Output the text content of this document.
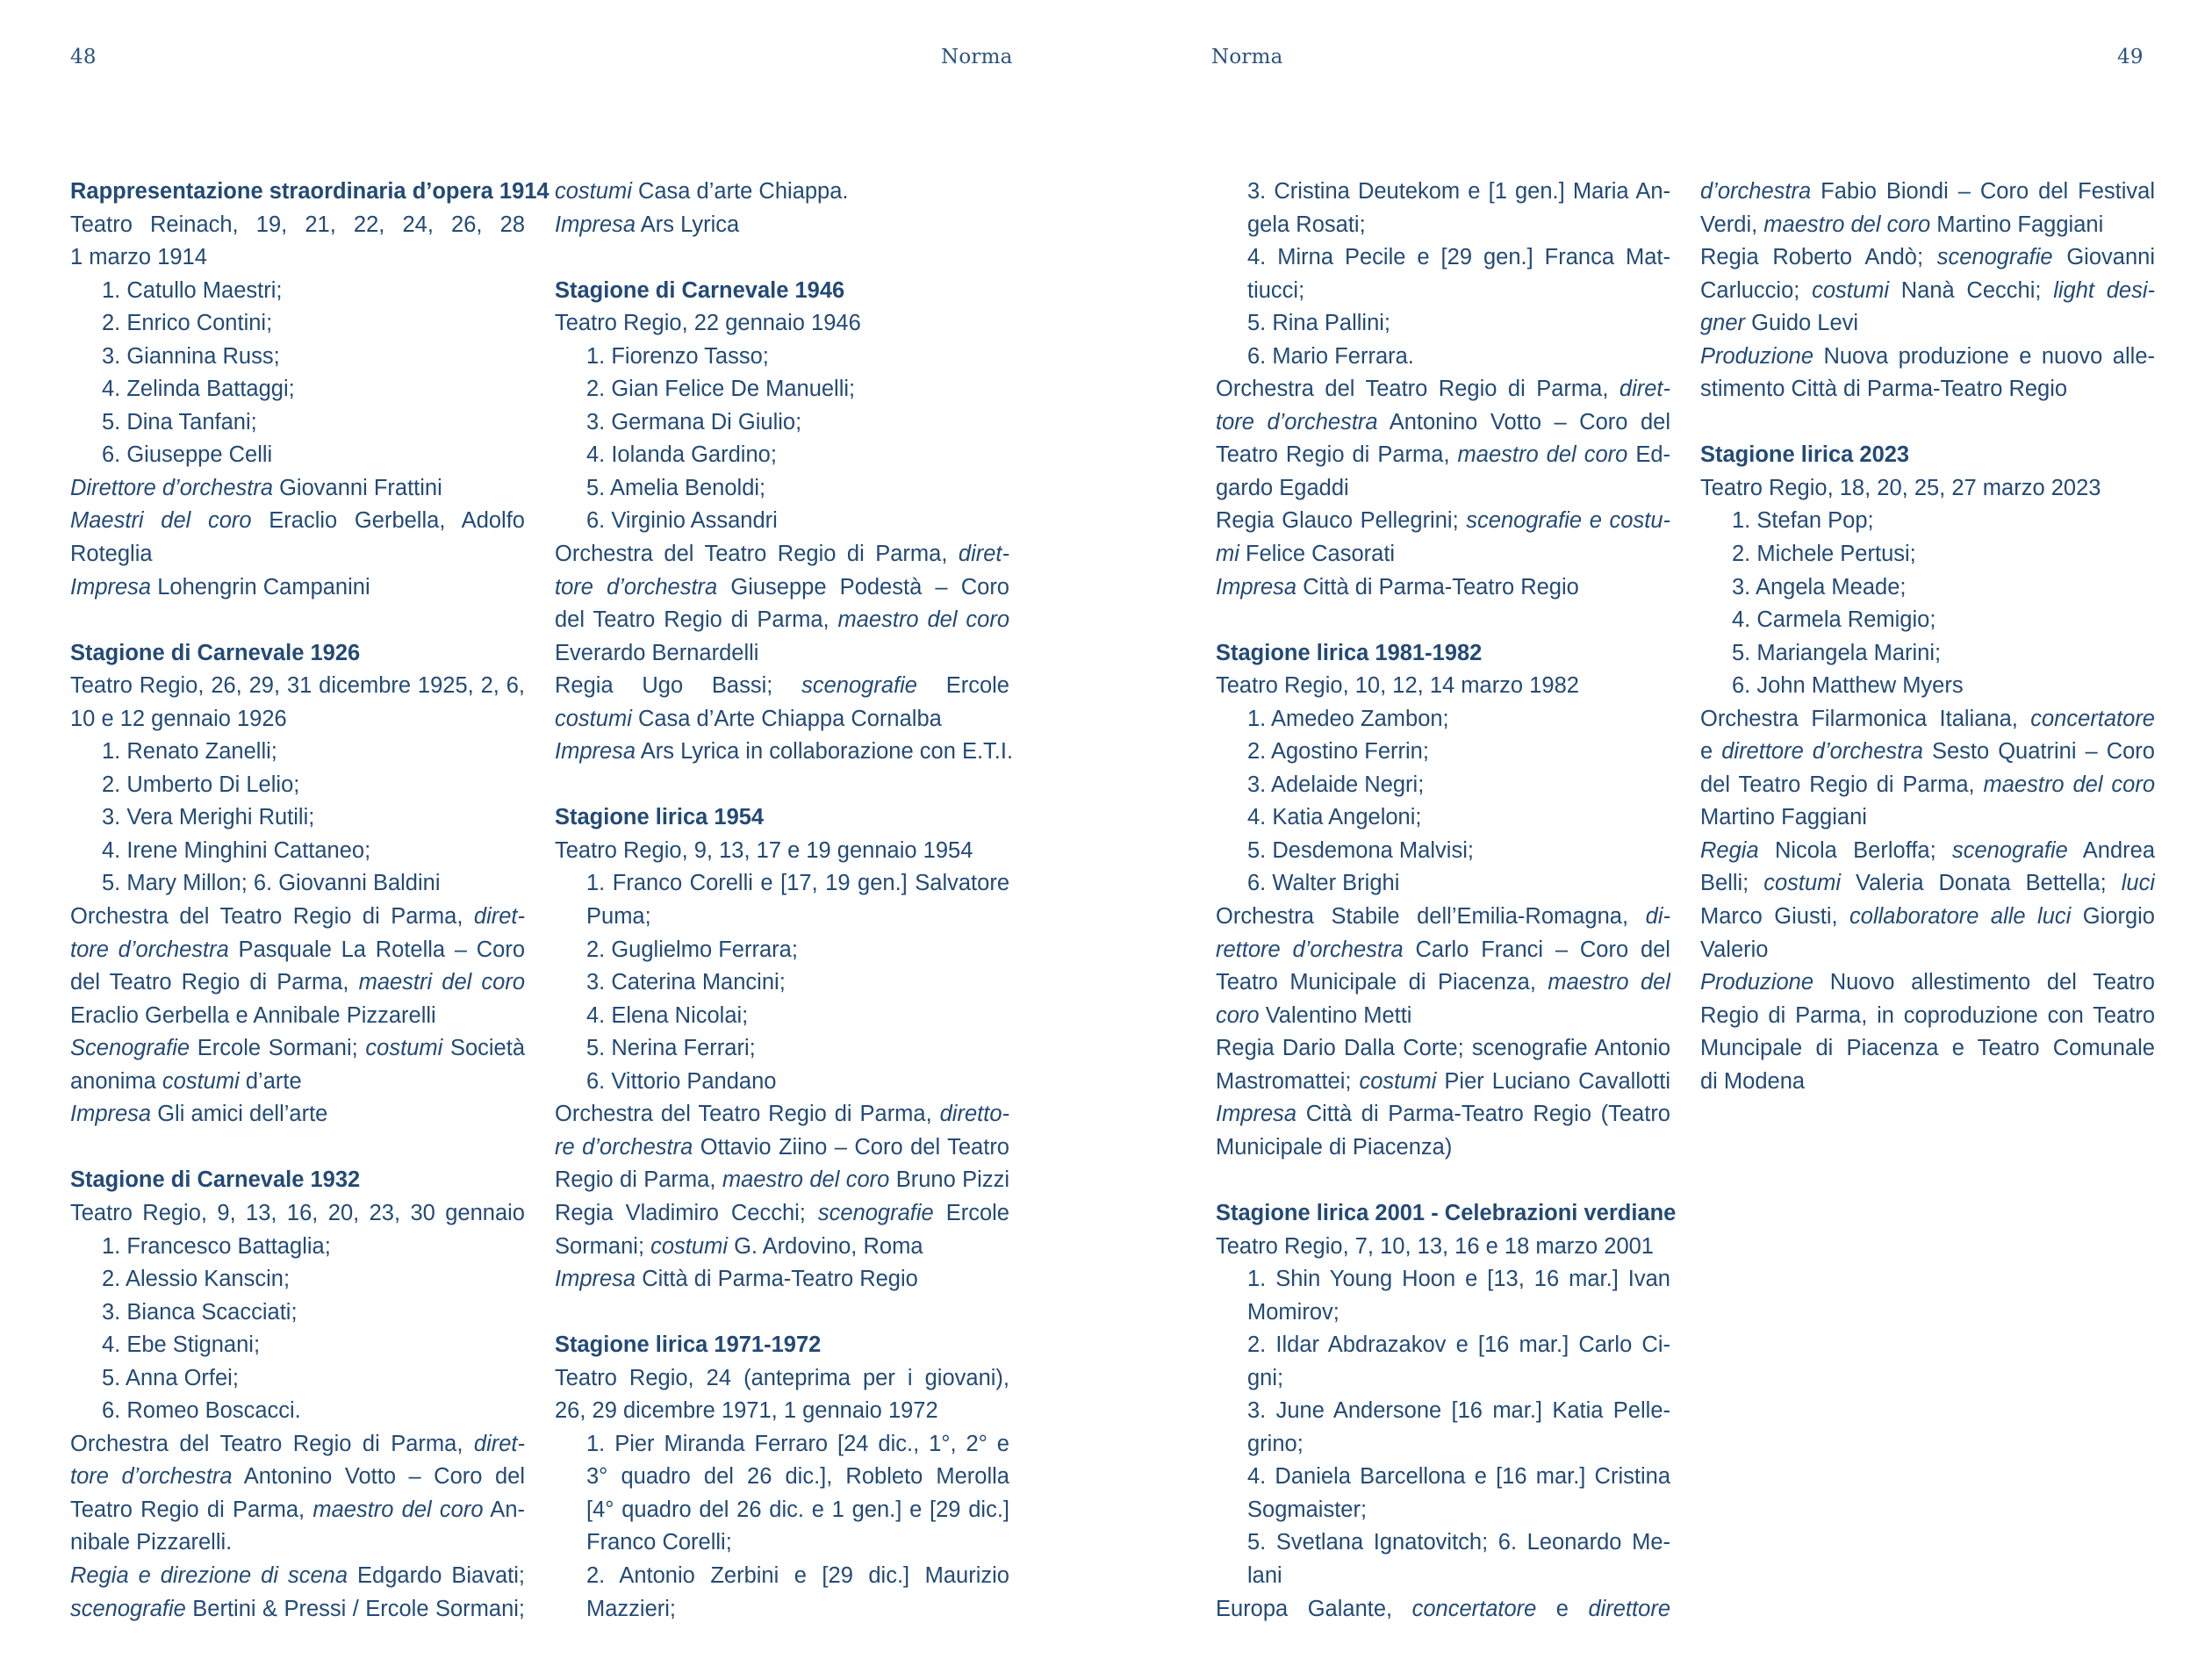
48	Norma	Norma	49
Rappresentazione straordinaria d’opera 1914
Teatro Reinach, 19, 21, 22, 24, 26, 28
1 marzo 1914
1. Catullo Maestri;
2. Enrico Contini;
3. Giannina Russ;
4. Zelinda Battaggi;
5. Dina Tanfani;
6. Giuseppe Celli
Direttore d’orchestra Giovanni Frattini
Maestri del coro Eraclio Gerbella, Adolfo
Roteglia
Impresa Lohengrin Campanini
Stagione di Carnevale 1926
Teatro Regio, 26, 29, 31 dicembre 1925, 2, 6,
10 e 12 gennaio 1926
1. Renato Zanelli;
2. Umberto Di Lelio;
3. Vera Merighi Rutili;
4. Irene Minghini Cattaneo;
5. Mary Millon; 6. Giovanni Baldini
Orchestra del Teatro Regio di Parma, diret-
tore d’orchestra Pasquale La Rotella – Coro
del Teatro Regio di Parma, maestri del coro
Eraclio Gerbella e Annibale Pizzarelli
Scenografie Ercole Sormani; costumi Società
anonima costumi d’arte
Impresa Gli amici dell’arte
Stagione di Carnevale 1932
Teatro Regio, 9, 13, 16, 20, 23, 30 gennaio
1. Francesco Battaglia;
2. Alessio Kanscin;
3. Bianca Scacciati;
4. Ebe Stignani;
5. Anna Orfei;
6. Romeo Boscacci.
Orchestra del Teatro Regio di Parma, diret-
tore d’orchestra Antonino Votto – Coro del
Teatro Regio di Parma, maestro del coro An-
nibale Pizzarelli.
Regia e direzione di scena Edgardo Biavati;
scenografie Bertini & Pressi / Ercole Sormani;
costumi Casa d’arte Chiappa.
Impresa Ars Lyrica
Stagione di Carnevale 1946
Teatro Regio, 22 gennaio 1946
1. Fiorenzo Tasso;
2. Gian Felice De Manuelli;
3. Germana Di Giulio;
4. Iolanda Gardino;
5. Amelia Benoldi;
6. Virginio Assandri
Orchestra del Teatro Regio di Parma, diret-
tore d’orchestra Giuseppe Podestà – Coro
del Teatro Regio di Parma, maestro del coro
Everardo Bernardelli
Regia Ugo Bassi; scenografie Ercole
costumi Casa d’Arte Chiappa Cornalba
Impresa Ars Lyrica in collaborazione con E.T.I.
Stagione lirica 1954
Teatro Regio, 9, 13, 17 e 19 gennaio 1954
1. Franco Corelli e [17, 19 gen.] Salvatore
Puma;
2. Guglielmo Ferrara;
3. Caterina Mancini;
4. Elena Nicolai;
5. Nerina Ferrari;
6. Vittorio Pandano
Orchestra del Teatro Regio di Parma, diretto-
re d’orchestra Ottavio Ziino – Coro del Teatro
Regio di Parma, maestro del coro Bruno Pizzi
Regia Vladimiro Cecchi; scenografie Ercole
Sormani; costumi G. Ardovino, Roma
Impresa Città di Parma-Teatro Regio
Stagione lirica 1971-1972
Teatro Regio, 24 (anteprima per i giovani),
26, 29 dicembre 1971, 1 gennaio 1972
1. Pier Miranda Ferraro [24 dic., 1°, 2° e
3° quadro del 26 dic.], Robleto Merolla
[4° quadro del 26 dic. e 1 gen.] e [29 dic.]
Franco Corelli;
2. Antonio Zerbini e [29 dic.] Maurizio
Mazzieri;
3. Cristina Deutekom e [1 gen.] Maria An-
gela Rosati;
4. Mirna Pecile e [29 gen.] Franca Mat-
tiucci;
5. Rina Pallini;
6. Mario Ferrara.
Orchestra del Teatro Regio di Parma, diret-
tore d’orchestra Antonino Votto – Coro del
Teatro Regio di Parma, maestro del coro Ed-
gardo Egaddi
Regia Glauco Pellegrini; scenografie e costu-
mi Felice Casorati
Impresa Città di Parma-Teatro Regio
Stagione lirica 1981-1982
Teatro Regio, 10, 12, 14 marzo 1982
1. Amedeo Zambon;
2. Agostino Ferrin;
3. Adelaide Negri;
4. Katia Angeloni;
5. Desdemona Malvisi;
6. Walter Brighi
Orchestra Stabile dell’Emilia-Romagna, di-
rettore d’orchestra Carlo Franci – Coro del
Teatro Municipale di Piacenza, maestro del
coro Valentino Metti
Regia Dario Dalla Corte; scenografie Antonio
Mastromattei; costumi Pier Luciano Cavallotti
Impresa Città di Parma-Teatro Regio (Teatro
Municipale di Piacenza)
Stagione lirica 2001 - Celebrazioni verdiane
Teatro Regio, 7, 10, 13, 16 e 18 marzo 2001
1. Shin Young Hoon e [13, 16 mar.] Ivan
Momirov;
2. Ildar Abdrazakov e [16 mar.] Carlo Ci-
gni;
3. June Andersone [16 mar.] Katia Pelle-
grino;
4. Daniela Barcellona e [16 mar.] Cristina
Sogmaister;
5. Svetlana Ignatovitch; 6. Leonardo Me-
lani
Europa Galante, concertatore e direttore
d’orchestra Fabio Biondi – Coro del Festival
Verdi, maestro del coro Martino Faggiani
Regia Roberto Andò; scenografie Giovanni
Carluccio; costumi Nanà Cecchi; light desi-
gner Guido Levi
Produzione Nuova produzione e nuovo alle-
stimento Città di Parma-Teatro Regio
Stagione lirica 2023
Teatro Regio, 18, 20, 25, 27 marzo 2023
1. Stefan Pop;
2. Michele Pertusi;
3. Angela Meade;
4. Carmela Remigio;
5. Mariangela Marini;
6. John Matthew Myers
Orchestra Filarmonica Italiana, concertatore
e direttore d’orchestra Sesto Quatrini – Coro
del Teatro Regio di Parma, maestro del coro
Martino Faggiani
Regia Nicola Berloffa; scenografie Andrea
Belli; costumi Valeria Donata Bettella; luci
Marco Giusti, collaboratore alle luci Giorgio
Valerio
Produzione Nuovo allestimento del Teatro
Regio di Parma, in coproduzione con Teatro
Muncipale di Piacenza e Teatro Comunale
di Modena
